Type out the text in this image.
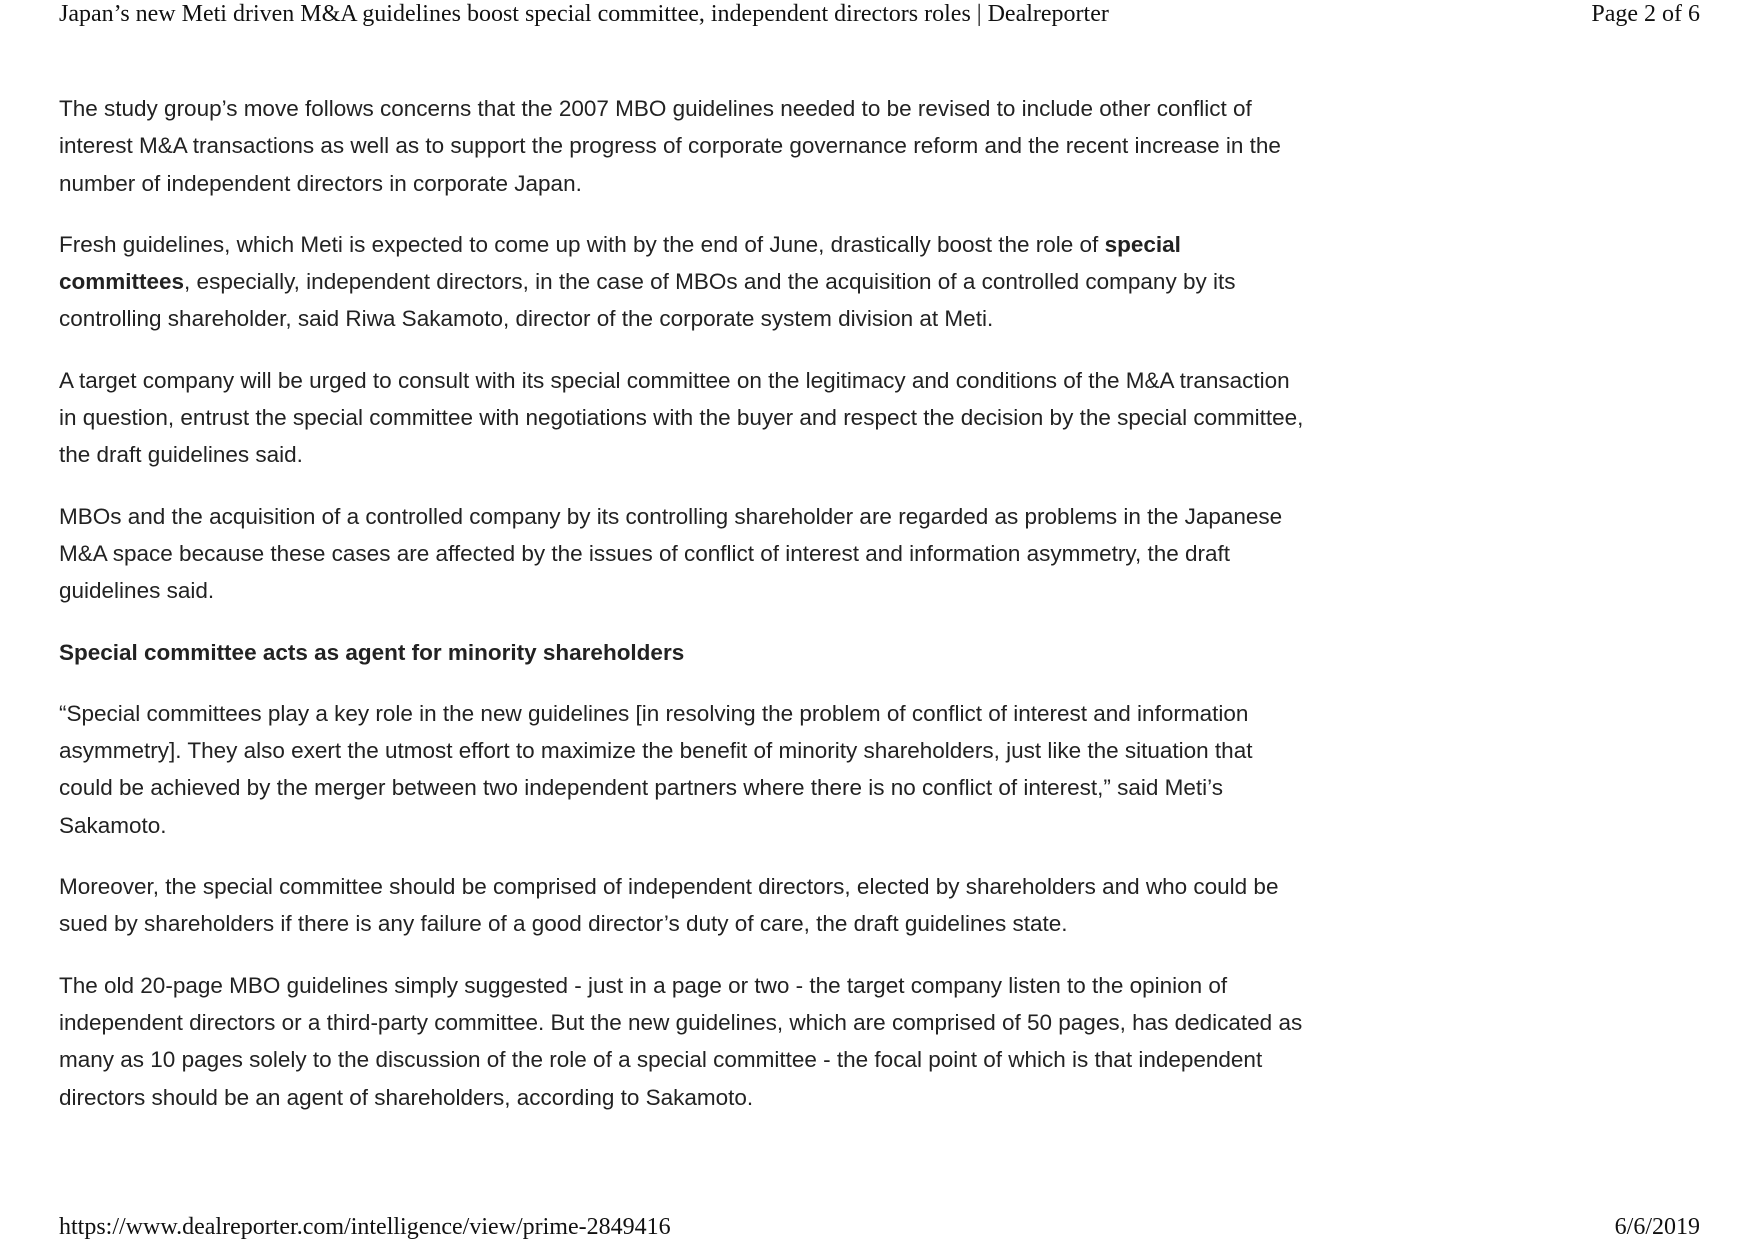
Japan’s new Meti driven M&A guidelines boost special committee, independent directors roles | Dealreporter	Page 2 of 6

The study group’s move follows concerns that the 2007 MBO guidelines needed to be revised to include other conflict of interest M&A transactions as well as to support the progress of corporate governance reform and the recent increase in the number of independent directors in corporate Japan.

Fresh guidelines, which Meti is expected to come up with by the end of June, drastically boost the role of special committees, especially, independent directors, in the case of MBOs and the acquisition of a controlled company by its controlling shareholder, said Riwa Sakamoto, director of the corporate system division at Meti.

A target company will be urged to consult with its special committee on the legitimacy and conditions of the M&A transaction in question, entrust the special committee with negotiations with the buyer and respect the decision by the special committee, the draft guidelines said.

MBOs and the acquisition of a controlled company by its controlling shareholder are regarded as problems in the Japanese M&A space because these cases are affected by the issues of conflict of interest and information asymmetry, the draft guidelines said.

Special committee acts as agent for minority shareholders

“Special committees play a key role in the new guidelines [in resolving the problem of conflict of interest and information asymmetry]. They also exert the utmost effort to maximize the benefit of minority shareholders, just like the situation that could be achieved by the merger between two independent partners where there is no conflict of interest,” said Meti’s Sakamoto.

Moreover, the special committee should be comprised of independent directors, elected by shareholders and who could be sued by shareholders if there is any failure of a good director’s duty of care, the draft guidelines state.

The old 20-page MBO guidelines simply suggested - just in a page or two - the target company listen to the opinion of independent directors or a third-party committee. But the new guidelines, which are comprised of 50 pages, has dedicated as many as 10 pages solely to the discussion of the role of a special committee - the focal point of which is that independent directors should be an agent of shareholders, according to Sakamoto.

https://www.dealreporter.com/intelligence/view/prime-2849416	6/6/2019
